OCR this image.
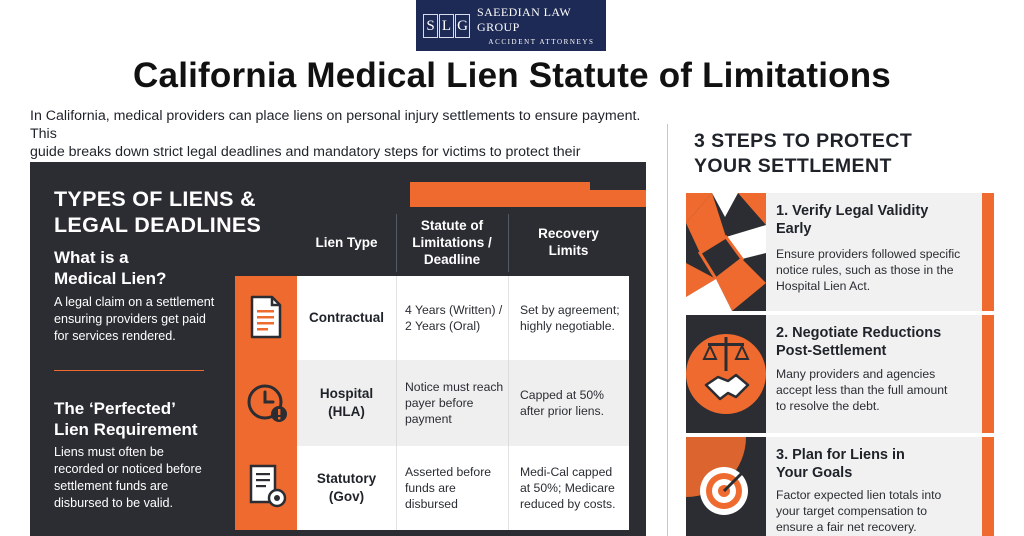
S L G
SAEEDIAN LAW GROUP
ACCIDENT ATTORNEYS
California Medical Lien Statute of Limitations
In California, medical providers can place liens on personal injury settlements to ensure payment. This
guide breaks down strict legal deadlines and mandatory steps for victims to protect their
TYPES OF LIENS &
LEGAL DEADLINES
What is a
Medical Lien?
A legal claim on a settlement
ensuring providers get paid
for services rendered.
The ‘Perfected’
Lien Requirement
Liens must often be
recorded or noticed before
settlement funds are
disbursed to be valid.
Lien Type
Statute of
Limitations /
Deadline
Recovery
Limits
Contractual 4 Years (Written) /
2 Years (Oral)
Set by agreement;
highly negotiable.
Hospital
(HLA)
Notice must reach
payer before
payment
Capped at 50%
after prior liens.
Statutory
(Gov)
Asserted before
funds are
disbursed
Medi-Cal capped
at 50%; Medicare
reduced by costs.
3 STEPS TO PROTECT
YOUR SETTLEMENT
1. Verify Legal Validity
Early

Ensure providers followed specific
notice rules, such as those in the
Hospital Lien Act.

2. Negotiate Reductions
Post-Settlement

Many providers and agencies
accept less than the full amount
to resolve the debt.

3. Plan for Liens in
Your Goals

Factor expected lien totals into
your target compensation to
ensure a fair net recovery.
